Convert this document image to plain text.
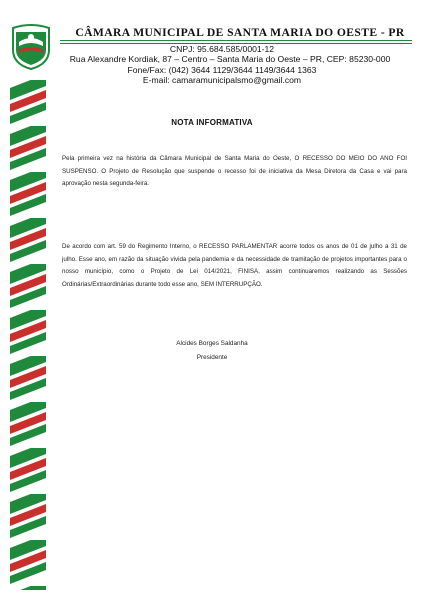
CÂMARA MUNICIPAL DE SANTA MARIA DO OESTE - PR
CNPJ: 95.684.585/0001-12
Rua Alexandre Kordiak, 87 – Centro – Santa Maria do Oeste – PR, CEP: 85230-000
Fone/Fax: (042) 3644 1129/3644 1149/3644 1363
E-mail: camaramunicipalsmo@gmail.com
NOTA INFORMATIVA
Pela primeira vez na história da Câmara Municipal de Santa Maria do Oeste, O RECESSO DO MEIO DO ANO FOI SUSPENSO. O Projeto de Resolução que suspende o recesso foi de iniciativa da Mesa Diretora da Casa e vai para aprovação nesta segunda-feira.
De acordo com art. 59 do Regimento Interno, o RECESSO PARLAMENTAR acorre todos os anos de 01 de julho a 31 de julho. Esse ano, em razão da situação vivida pela pandemia e da necessidade de tramitação de projetos importantes para o nosso município, como o Projeto de Lei 014/2021, FINISA, assim continuaremos realizando as Sessões Ordinárias/Extraordinárias durante todo esse ano, SEM INTERRUPÇÃO.
Alcides Borges Saldanha
Presidente
